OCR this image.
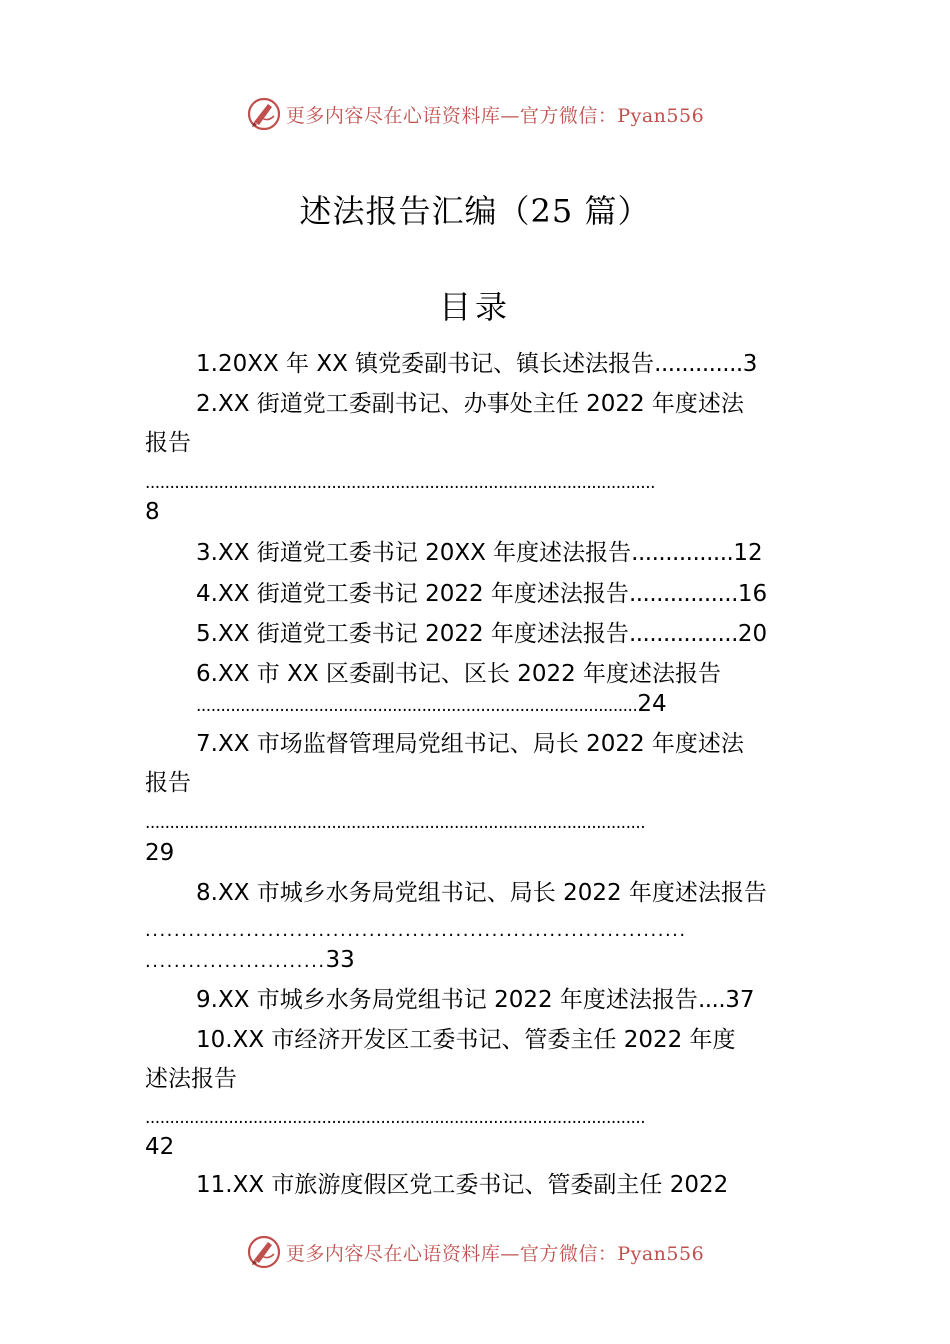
更多内容尽在心语资料库—官方微信：Pyan556
述法报告汇编（25 篇）
目录
1.20XX 年 XX 镇党委副书记、镇长述法报告.............3
2.XX 街道党工委副书记、办事处主任 2022 年度述法
报告
........................................................................................................
8
3.XX 街道党工委书记 20XX 年度述法报告...............12
4.XX 街道党工委书记 2022 年度述法报告................16
5.XX 街道党工委书记 2022 年度述法报告................20
6.XX 市 XX 区委副书记、区长 2022 年度述法报告
..........................................................................................24
7.XX 市场监督管理局党组书记、局长 2022 年度述法
报告
......................................................................................................
29
8.XX 市城乡水务局党组书记、局长 2022 年度述法报告
...........................................................................
.........................33
9.XX 市城乡水务局党组书记 2022 年度述法报告....37
10.XX 市经济开发区工委书记、管委主任 2022 年度
述法报告
......................................................................................................
42
11.XX 市旅游度假区党工委书记、管委副主任 2022
更多内容尽在心语资料库—官方微信：Pyan556
